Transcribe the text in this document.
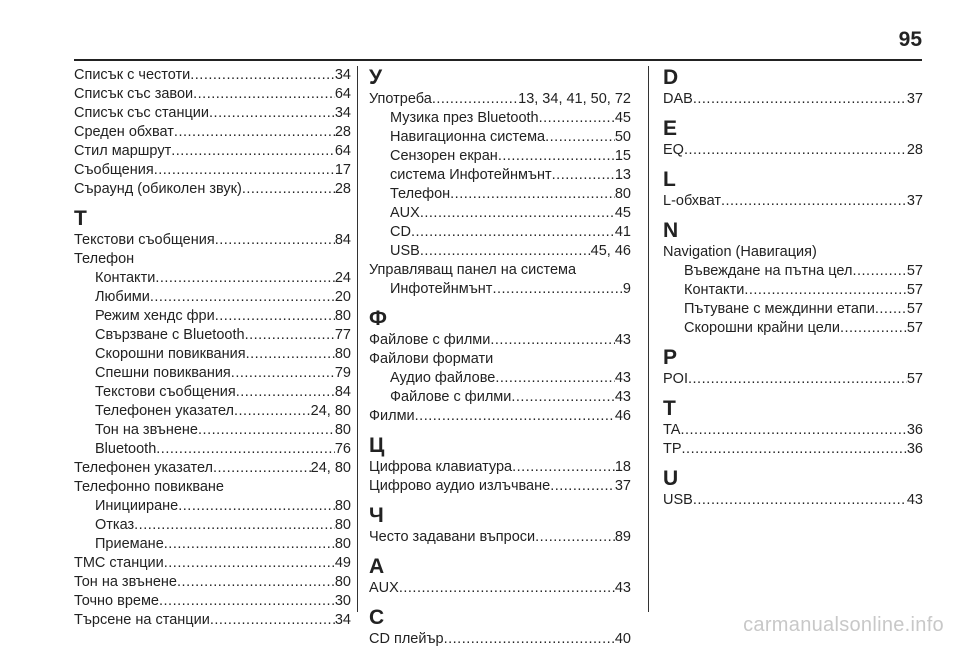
95
Списък с честоти .....	34
Списък със завои .....	64
Списък със станции .....	34
Среден обхват .....	28
Стил маршрут .....	64
Съобщения .....	17
Съраунд (обиколен звук) .....	28
Т
Текстови съобщения .....	84
Телефон
Контакти .....	24
Любими .....	20
Режим хендс фри .....	80
Свързване с Bluetooth .....	77
Скорошни повиквания .....	80
Спешни повиквания .....	79
Текстови съобщения .....	84
Телефонен указател .....	24, 80
Тон на звънене .....	80
Bluetooth .....	76
Телефонен указател .....	24, 80
Телефонно повикване
Иницииране .....	80
Отказ .....	80
Приемане .....	80
TMC станции .....	49
Тон на звънене .....	80
Точно време .....	30
Търсене на станции .....	34
У
Употреба .....	13, 34, 41, 50, 72
Музика през Bluetooth .....	45
Навигационна система .....	50
Сензорен екран .....	15
система Инфотейнмънт .....	13
Телефон .....	80
AUX .....	45
CD .....	41
USB .....	45, 46
Управляващ панел на система
Инфотейнмънт .....	9
Ф
Файлове с филми .....	43
Файлови формати
Аудио файлове .....	43
Файлове с филми .....	43
Филми .....	46
Ц
Цифрова клавиатура .....	18
Цифрово аудио излъчване .....	37
Ч
Често задавани въпроси .....	89
A
AUX .....	43
C
CD плейър .....	40
D
DAB .....	37
E
EQ .....	28
L
L-обхват .....	37
N
Navigation (Навигация)
Въвеждане на пътна цел .....	57
Контакти .....	57
Пътуване с междинни етапи ..... 57
Скорошни крайни цели .....	57
P
POI .....	57
T
TA .....	36
TP .....	36
U
USB .....	43
carmanualsonline.info
